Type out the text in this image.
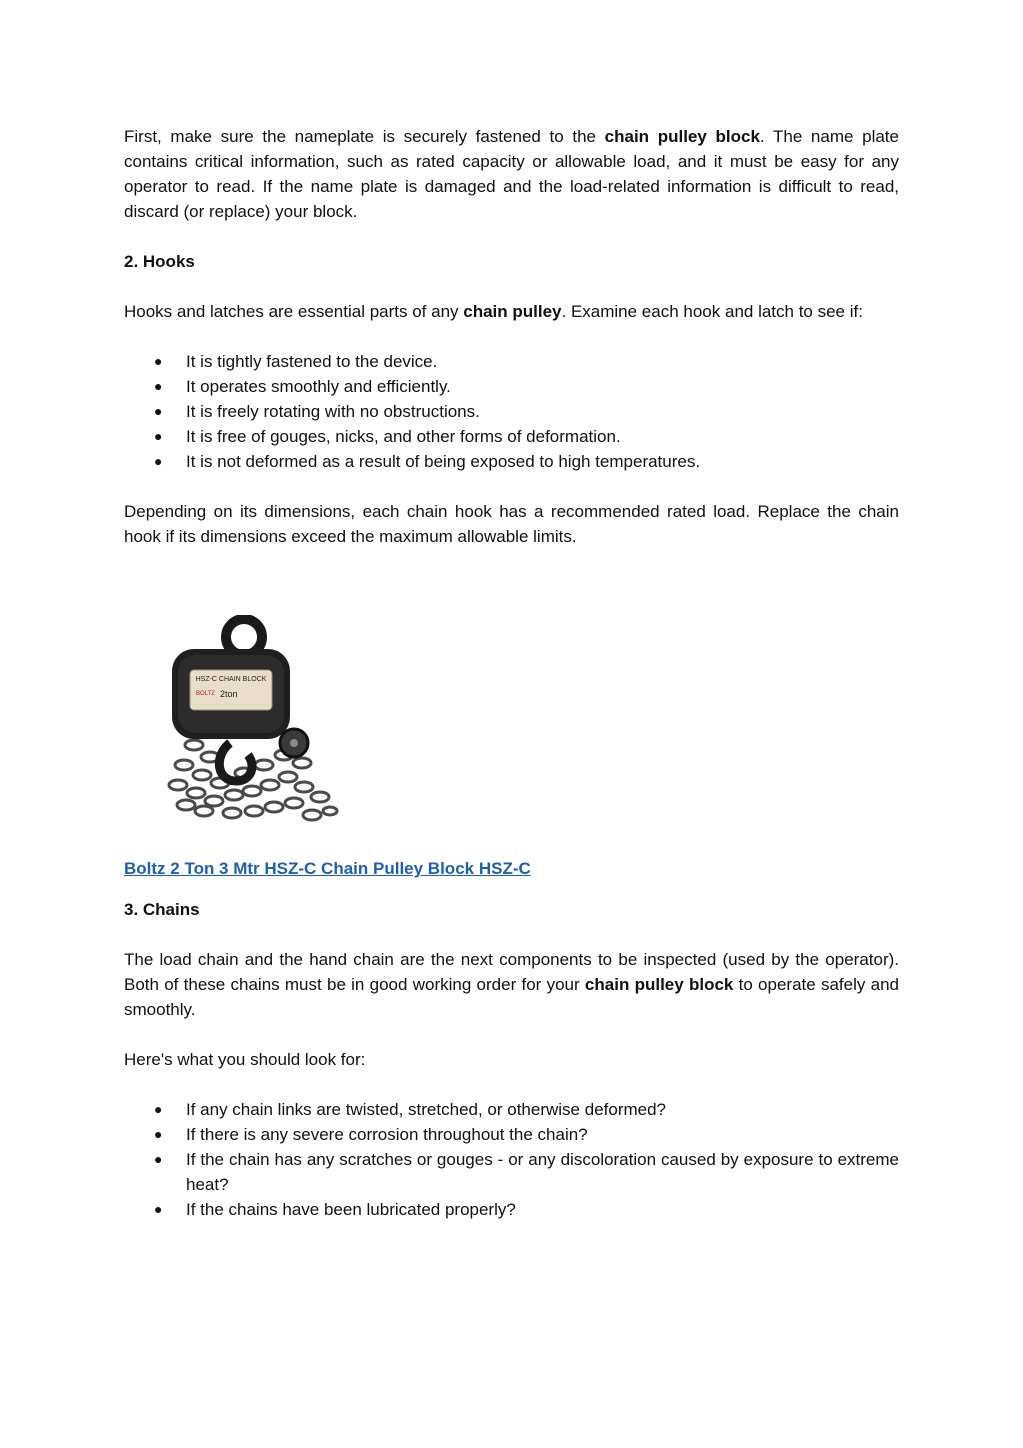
First, make sure the nameplate is securely fastened to the chain pulley block. The name plate contains critical information, such as rated capacity or allowable load, and it must be easy for any operator to read. If the name plate is damaged and the load-related information is difficult to read, discard (or replace) your block.

2. Hooks

Hooks and latches are essential parts of any chain pulley. Examine each hook and latch to see if:

● It is tightly fastened to the device.
● It operates smoothly and efficiently.
● It is freely rotating with no obstructions.
● It is free of gouges, nicks, and other forms of deformation.
● It is not deformed as a result of being exposed to high temperatures.

Depending on its dimensions, each chain hook has a recommended rated load. Replace the chain hook if its dimensions exceed the maximum allowable limits.

HSZ-C CHAIN BLOCK
BOLTZ 2ton

Boltz 2 Ton 3 Mtr HSZ-C Chain Pulley Block HSZ-C

3. Chains

The load chain and the hand chain are the next components to be inspected (used by the operator). Both of these chains must be in good working order for your chain pulley block to operate safely and smoothly.

Here's what you should look for:

● If any chain links are twisted, stretched, or otherwise deformed?
● If there is any severe corrosion throughout the chain?
● If the chain has any scratches or gouges - or any discoloration caused by exposure to extreme heat?
● If the chains have been lubricated properly?
